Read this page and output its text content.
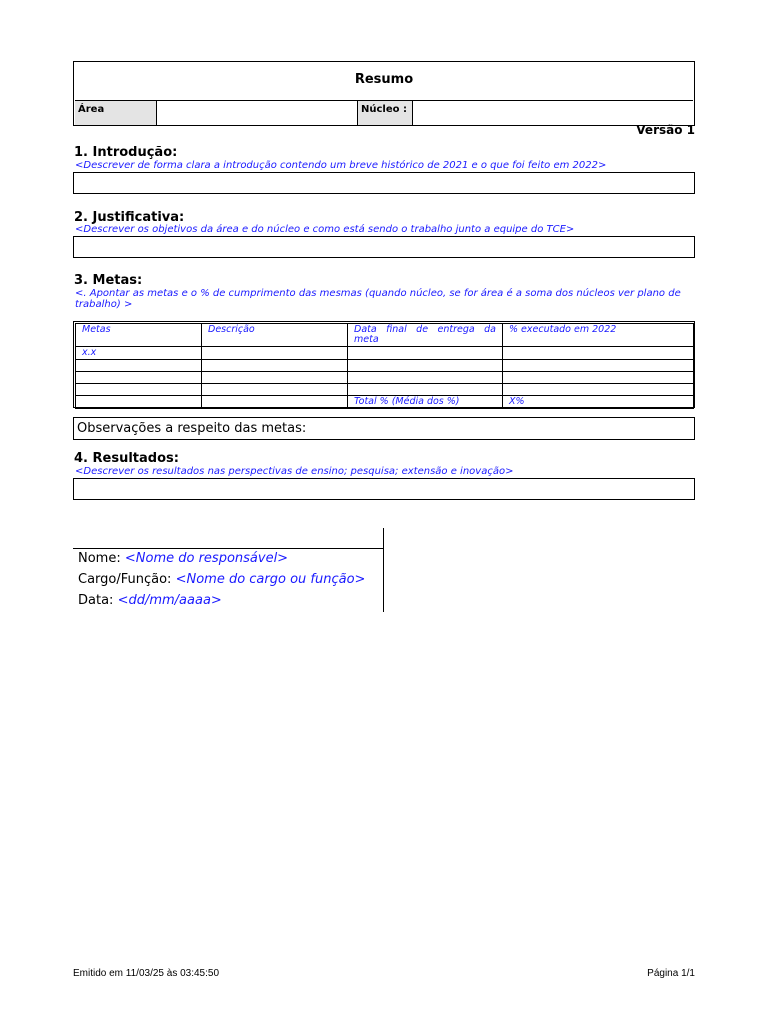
Resumo
Área	Núcleo :
Versão 1
1. Introdução:
<Descrever de forma clara a introdução contendo um breve histórico de 2021 e o que foi feito em 2022>
2. Justificativa:
<Descrever os objetivos da área e do núcleo e como está sendo o trabalho junto a equipe do TCE>
3. Metas:
<. Apontar as metas e o % de cumprimento das mesmas (quando núcleo, se for área é a soma dos núcleos ver plano de trabalho) >
Metas	Descrição	Data final de entrega da meta	% executado em 2022
x.x			

		Total % (Média dos %)	X%
Observações a respeito das metas:
4. Resultados:
<Descrever os resultados nas perspectivas de ensino; pesquisa; extensão e inovação>
Nome: <Nome do responsável>
Cargo/Função: <Nome do cargo ou função>
Data: <dd/mm/aaaa>
Emitido em 11/03/25 às 03:45:50	Página 1/1
